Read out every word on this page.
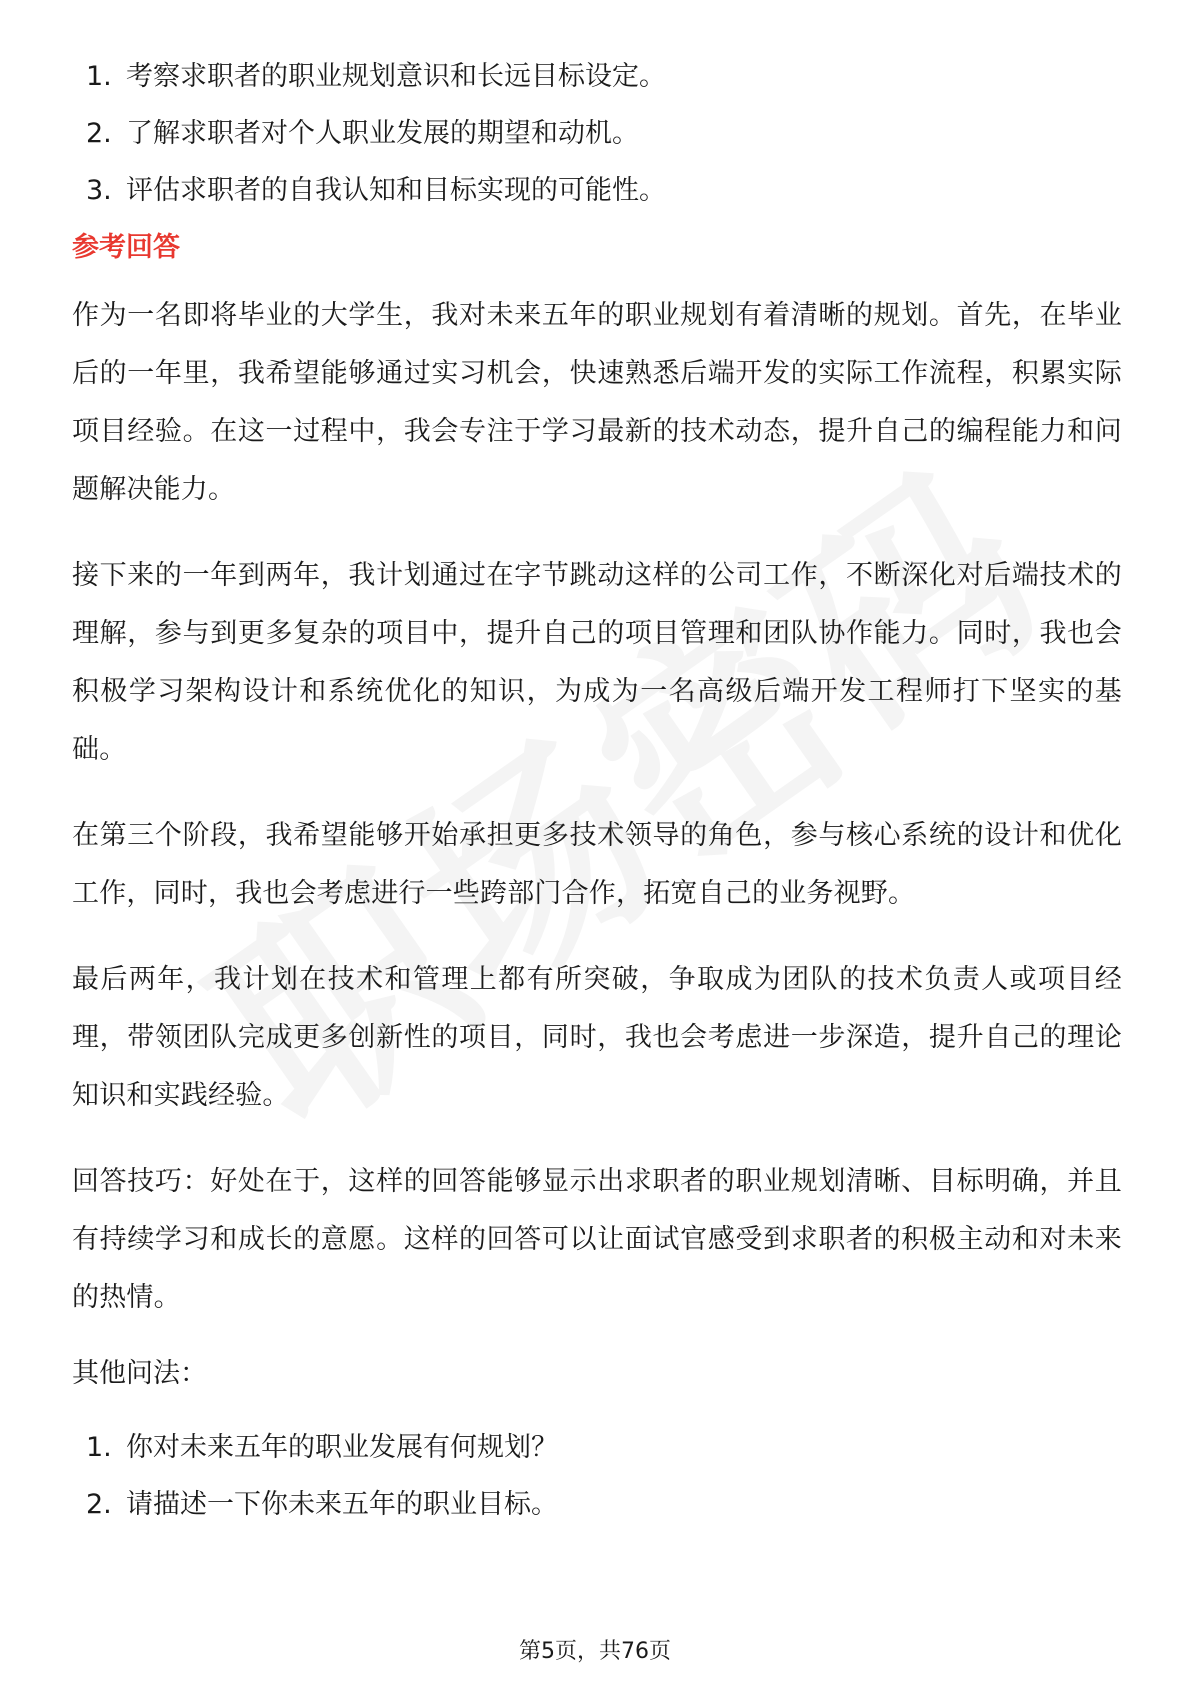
1. 考察求职者的职业规划意识和长远目标设定。
2. 了解求职者对个人职业发展的期望和动机。
3. 评估求职者的自我认知和目标实现的可能性。
参考回答

作为一名即将毕业的大学生，我对未来五年的职业规划有着清晰的规划。首先，在毕业后的一年里，我希望能够通过实习机会，快速熟悉后端开发的实际工作流程，积累实际项目经验。在这一过程中，我会专注于学习最新的技术动态，提升自己的编程能力和问题解决能力。

接下来的一年到两年，我计划通过在字节跳动这样的公司工作，不断深化对后端技术的理解，参与到更多复杂的项目中，提升自己的项目管理和团队协作能力。同时，我也会积极学习架构设计和系统优化的知识，为成为一名高级后端开发工程师打下坚实的基础。

在第三个阶段，我希望能够开始承担更多技术领导的角色，参与核心系统的设计和优化工作，同时，我也会考虑进行一些跨部门合作，拓宽自己的业务视野。

最后两年，我计划在技术和管理上都有所突破，争取成为团队的技术负责人或项目经理，带领团队完成更多创新性的项目，同时，我也会考虑进一步深造，提升自己的理论知识和实践经验。

回答技巧：好处在于，这样的回答能够显示出求职者的职业规划清晰、目标明确，并且有持续学习和成长的意愿。这样的回答可以让面试官感受到求职者的积极主动和对未来的热情。

其他问法：
1. 你对未来五年的职业发展有何规划？
2. 请描述一下你未来五年的职业目标。
第5页，共76页
